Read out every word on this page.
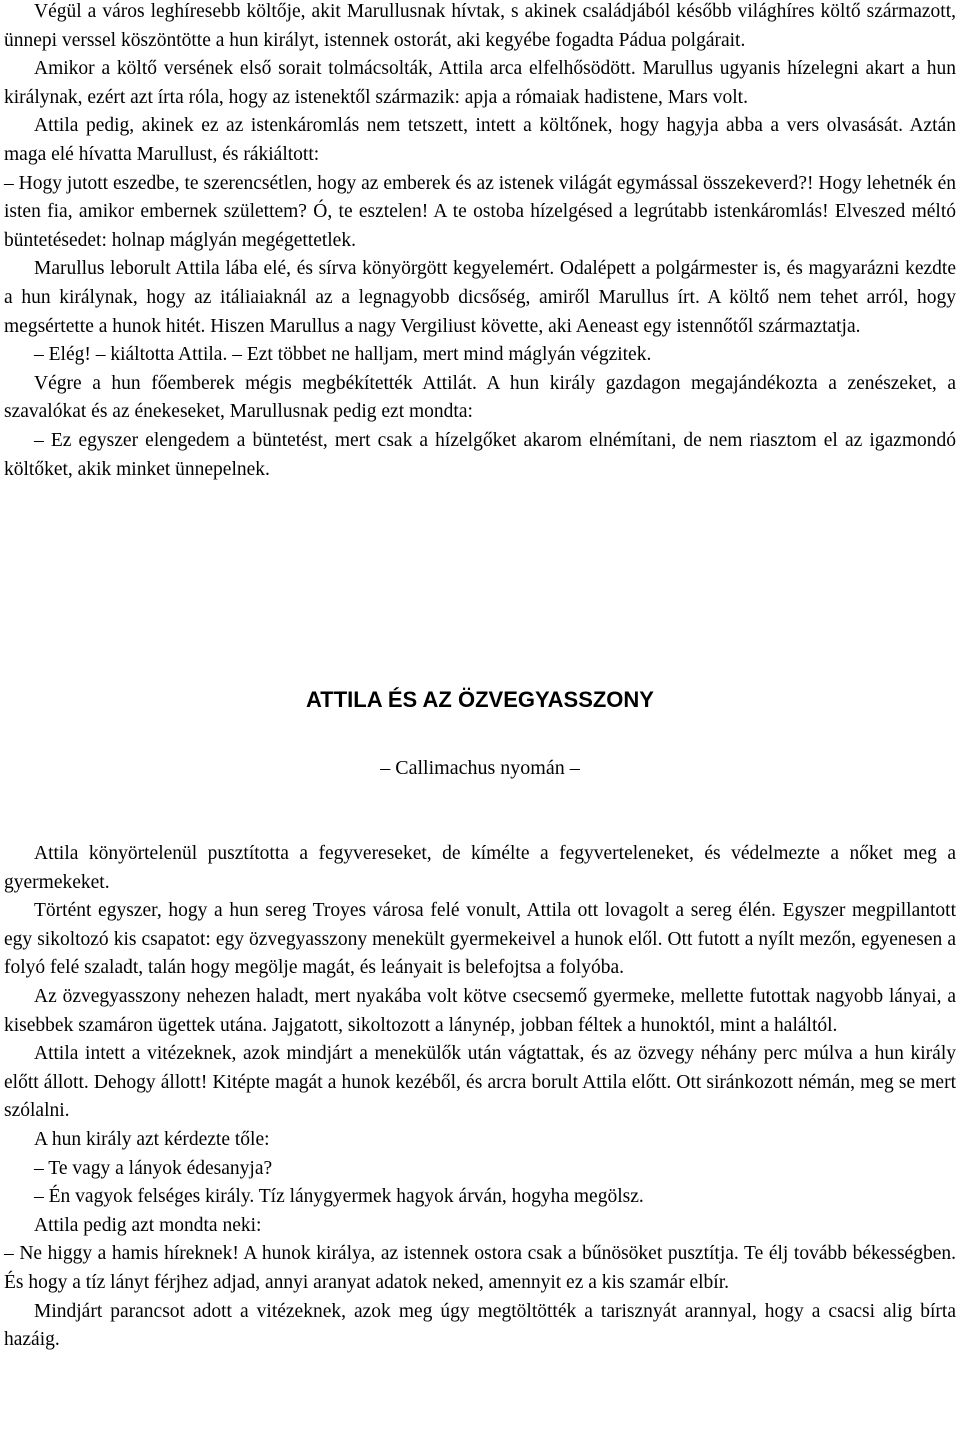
Végül a város leghíresebb költője, akit Marullusnak hívtak, s akinek családjából később világhíres költő származott, ünnepi verssel köszöntötte a hun királyt, istennek ostorát, aki kegyébe fogadta Pádua polgárait.

Amikor a költő versének első sorait tolmácsolták, Attila arca elfelhősödött. Marullus ugyanis hízelegni akart a hun királynak, ezért azt írta róla, hogy az istenektől származik: apja a rómaiak hadistene, Mars volt.

Attila pedig, akinek ez az istenkáromlás nem tetszett, intett a költőnek, hogy hagyja abba a vers olvasását. Aztán maga elé hívatta Marullust, és rákiáltott:

– Hogy jutott eszedbe, te szerencsétlen, hogy az emberek és az istenek világát egymással összekeverd?! Hogy lehetnék én isten fia, amikor embernek születtem? Ó, te esztelen! A te ostoba hízelgésed a legrútabb istenkáromlás! Elveszed méltó büntetésedet: holnap máglyán megégettetlek.

Marullus leborult Attila lába elé, és sírva könyörgött kegyelemért. Odalépett a polgármester is, és magyarázni kezdte a hun királynak, hogy az itáliaiaknál az a legnagyobb dicsőség, amiről Marullus írt. A költő nem tehet arról, hogy megsértette a hunok hitét. Hiszen Marullus a nagy Vergiliust követte, aki Aeneast egy istennőtől származtatja.

– Elég! – kiáltotta Attila. – Ezt többet ne halljam, mert mind máglyán végzitek.

Végre a hun főemberek mégis megbékítették Attilát. A hun király gazdagon megajándékozta a zenészeket, a szavalókat és az énekeseket, Marullusnak pedig ezt mondta:

– Ez egyszer elengedem a büntetést, mert csak a hízelgőket akarom elnémítani, de nem riasztom el az igazmondó költőket, akik minket ünnepelnek.

ATTILA ÉS AZ ÖZVEGYASSZONY

– Callimachus nyomán –

Attila könyörtelenül pusztította a fegyvereseket, de kímélte a fegyverteleneket, és védelmezte a nőket meg a gyermekeket.

Történt egyszer, hogy a hun sereg Troyes városa felé vonult, Attila ott lovagolt a sereg élén. Egyszer megpillantott egy sikoltozó kis csapatot: egy özvegyasszony menekült gyermekeivel a hunok elől. Ott futott a nyílt mezőn, egyenesen a folyó felé szaladt, talán hogy megölje magát, és leányait is belefojtsa a folyóba.

Az özvegyasszony nehezen haladt, mert nyakába volt kötve csecsemő gyermeke, mellette futottak nagyobb lányai, a kisebbek szamáron ügettek utána. Jajgatott, sikoltozott a lánynép, jobban féltek a hunoktól, mint a haláltól.

Attila intett a vitézeknek, azok mindjárt a menekülők után vágtattak, és az özvegy néhány perc múlva a hun király előtt állott. Dehogy állott! Kitépte magát a hunok kezéből, és arcra borult Attila előtt. Ott siránkozott némán, meg se mert szólalni.

A hun király azt kérdezte tőle:

– Te vagy a lányok édesanyja?

– Én vagyok felséges király. Tíz lánygyermek hagyok árván, hogyha megölsz.

Attila pedig azt mondta neki:

– Ne higgy a hamis híreknek! A hunok királya, az istennek ostora csak a bűnösöket pusztítja. Te élj tovább békességben. És hogy a tíz lányt férjhez adjad, annyi aranyat adatok neked, amennyit ez a kis szamár elbír.

Mindjárt parancsot adott a vitézeknek, azok meg úgy megtöltötték a tarisznyát arannyal, hogy a csacsi alig bírta hazáig.
